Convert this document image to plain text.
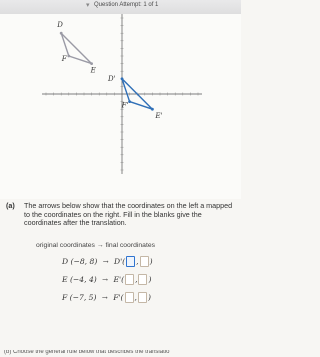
▾ Question Attempt: 1 of 1
D
E
F
D'
E'
F'
(a)	The arrows below show that the coordinates on the left a mapped to the coordinates on the right. Fill in the blanks give the coordinates after the translation.
original coordinates → final coordinates
D (−8, 8) → D'( , )
E (−4, 4) → E'( , )
F (−7, 5) → F'( , )
(b) Choose the general rule below that describes the translatio
